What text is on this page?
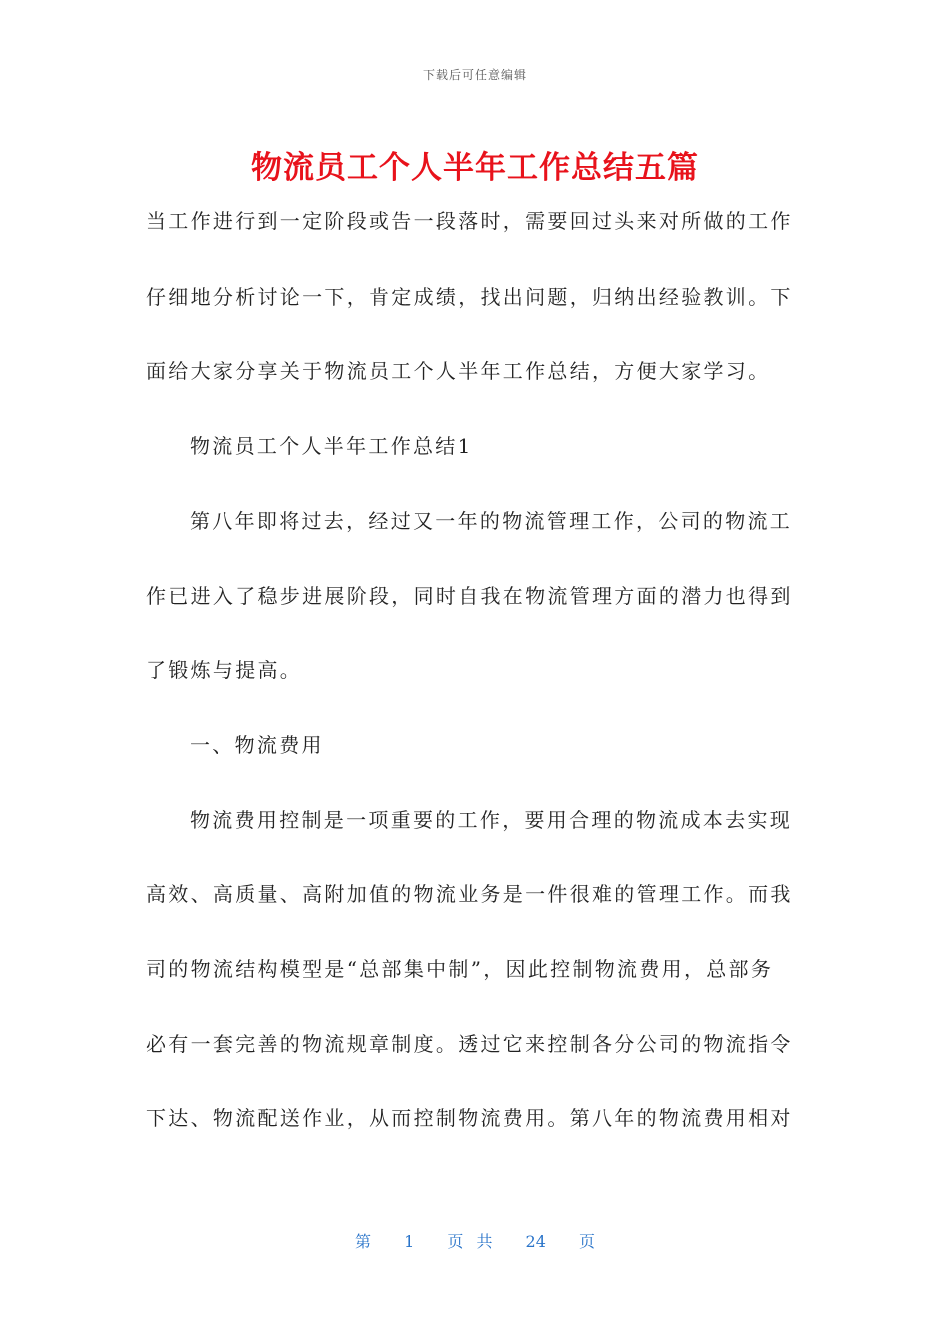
下载后可任意编辑
物流员工个人半年工作总结五篇
当工作进行到一定阶段或告一段落时，需要回过头来对所做的工作
仔细地分析讨论一下，肯定成绩，找出问题，归纳出经验教训。下
面给大家分享关于物流员工个人半年工作总结，方便大家学习。
物流员工个人半年工作总结1
第八年即将过去，经过又一年的物流管理工作，公司的物流工
作已进入了稳步进展阶段，同时自我在物流管理方面的潜力也得到
了锻炼与提高。
一、物流费用
物流费用控制是一项重要的工作，要用合理的物流成本去实现
高效、高质量、高附加值的物流业务是一件很难的管理工作。而我
司的物流结构模型是“总部集中制”，因此控制物流费用，总部务
必有一套完善的物流规章制度。透过它来控制各分公司的物流指令
下达、物流配送作业，从而控制物流费用。第八年的物流费用相对
第 1 页 共 24 页
